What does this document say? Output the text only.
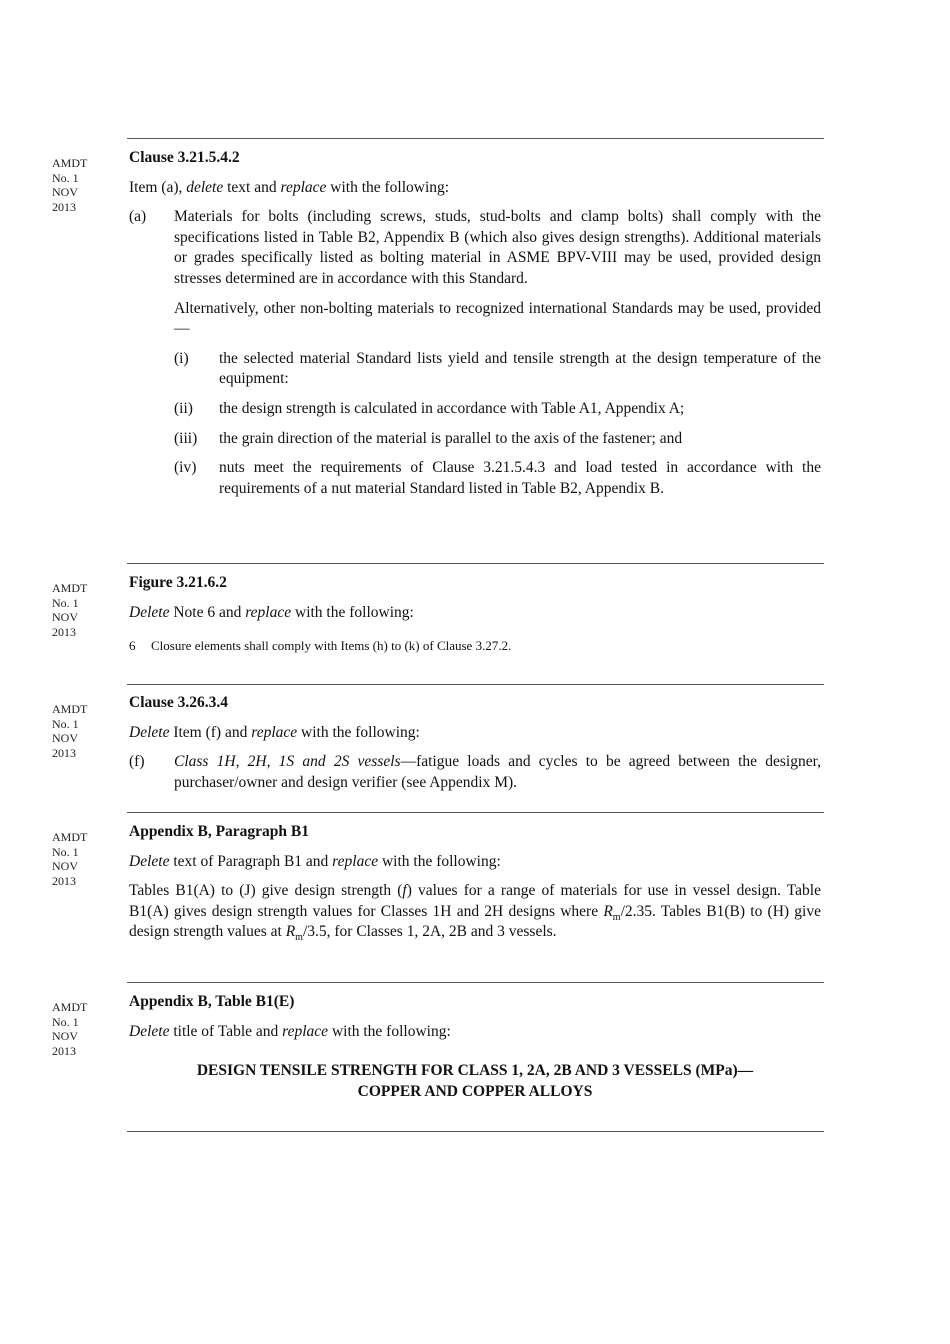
AMDT
No. 1
NOV
2013
AMDT
No. 1
NOV
2013
AMDT
No. 1
NOV
2013
AMDT
No. 1
NOV
2013
AMDT
No. 1
NOV
2013

Clause 3.21.5.4.2

Item (a), delete text and replace with the following:

(a)	Materials for bolts (including screws, studs, stud-bolts and clamp bolts) shall comply with the specifications listed in Table B2, Appendix B (which also gives design strengths). Additional materials or grades specifically listed as bolting material in ASME BPV-VIII may be used, provided design stresses determined are in accordance with this Standard.

Alternatively, other non-bolting materials to recognized international Standards may be used, provided—

(i)	the selected material Standard lists yield and tensile strength at the design temperature of the equipment:
(ii)	the design strength is calculated in accordance with Table A1, Appendix A;
(iii)	the grain direction of the material is parallel to the axis of the fastener; and
(iv)	nuts meet the requirements of Clause 3.21.5.4.3 and load tested in accordance with the requirements of a nut material Standard listed in Table B2, Appendix B.

Figure 3.21.6.2

Delete Note 6 and replace with the following:

6	Closure elements shall comply with Items (h) to (k) of Clause 3.27.2.

Clause 3.26.3.4

Delete Item (f) and replace with the following:

(f)	Class 1H, 2H, 1S and 2S vessels—fatigue loads and cycles to be agreed between the designer, purchaser/owner and design verifier (see Appendix M).

Appendix B, Paragraph B1

Delete text of Paragraph B1 and replace with the following:

Tables B1(A) to (J) give design strength (f) values for a range of materials for use in vessel design. Table B1(A) gives design strength values for Classes 1H and 2H designs where $R_m/2.35$. Tables B1(B) to (H) give design strength values at $R_m/3.5$, for Classes 1, 2A, 2B and 3 vessels.

Appendix B, Table B1(E)

Delete title of Table and replace with the following:

DESIGN TENSILE STRENGTH FOR CLASS 1, 2A, 2B AND 3 VESSELS (MPa)—
COPPER AND COPPER ALLOYS
